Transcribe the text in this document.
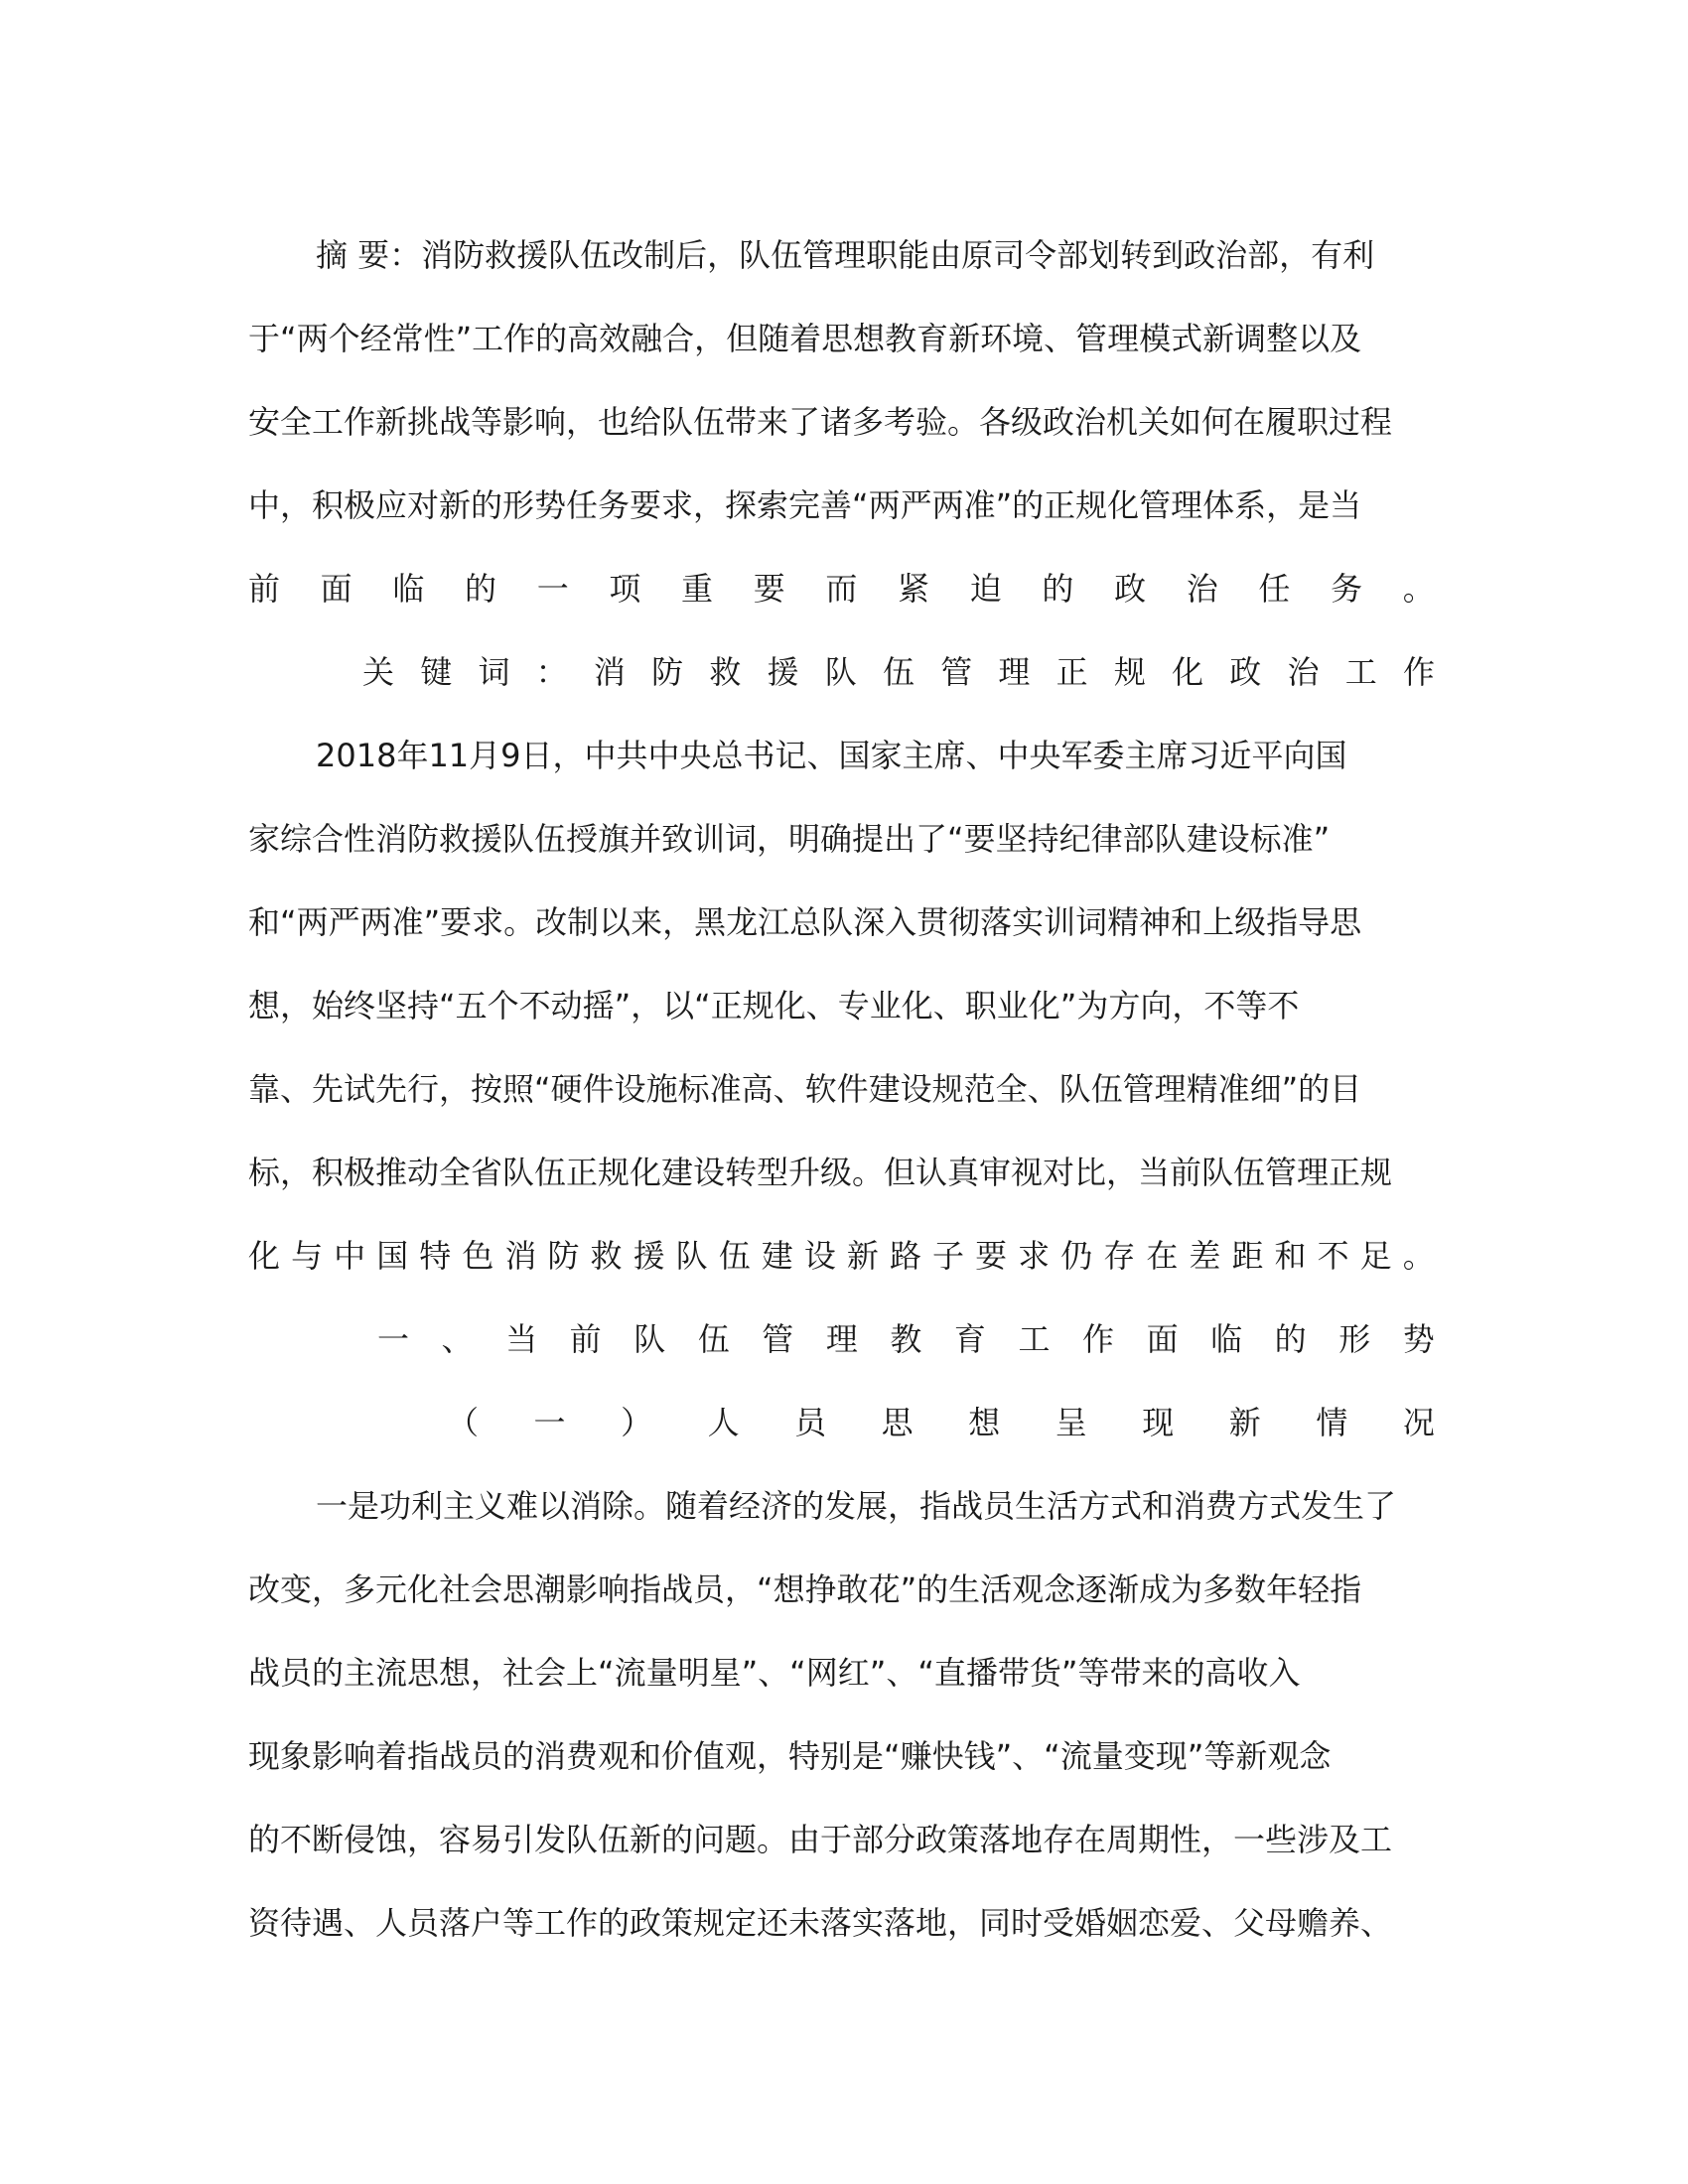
摘 要：消防救援队伍改制后，队伍管理职能由原司令部划转到政治部，有利
于“两个经常性”工作的高效融合，但随着思想教育新环境、管理模式新调整以及
安全工作新挑战等影响，也给队伍带来了诸多考验。各级政治机关如何在履职过程
中，积极应对新的形势任务要求，探索完善“两严两准”的正规化管理体系，是当
前 面 临 的 一 项 重 要 而 紧 迫 的 政 治 任 务 。
关 键 词 ： 消 防 救 援 队 伍 管 理 正 规 化 政 治 工 作
2018年11月9日，中共中央总书记、国家主席、中央军委主席习近平向国
家综合性消防救援队伍授旗并致训词，明确提出了“要坚持纪律部队建设标准”
和“两严两准”要求。改制以来，黑龙江总队深入贯彻落实训词精神和上级指导思
想，始终坚持“五个不动摇”，以“正规化、专业化、职业化”为方向，不等不
靠、先试先行，按照“硬件设施标准高、软件建设规范全、队伍管理精准细”的目
标，积极推动全省队伍正规化建设转型升级。但认真审视对比，当前队伍管理正规
化 与 中 国 特 色 消 防 救 援 队 伍 建 设 新 路 子 要 求 仍 存 在 差 距 和 不 足 。
一 、 当 前 队 伍 管 理 教 育 工 作 面 临 的 形 势
（ 一 ） 人 员 思 想 呈 现 新 情 况
一是功利主义难以消除。随着经济的发展，指战员生活方式和消费方式发生了
改变，多元化社会思潮影响指战员，“想挣敢花”的生活观念逐渐成为多数年轻指
战员的主流思想，社会上“流量明星”、“网红”、“直播带货”等带来的高收入
现象影响着指战员的消费观和价值观，特别是“赚快钱”、“流量变现”等新观念
的不断侵蚀，容易引发队伍新的问题。由于部分政策落地存在周期性，一些涉及工
资待遇、人员落户等工作的政策规定还未落实落地，同时受婚姻恋爱、父母赡养、
